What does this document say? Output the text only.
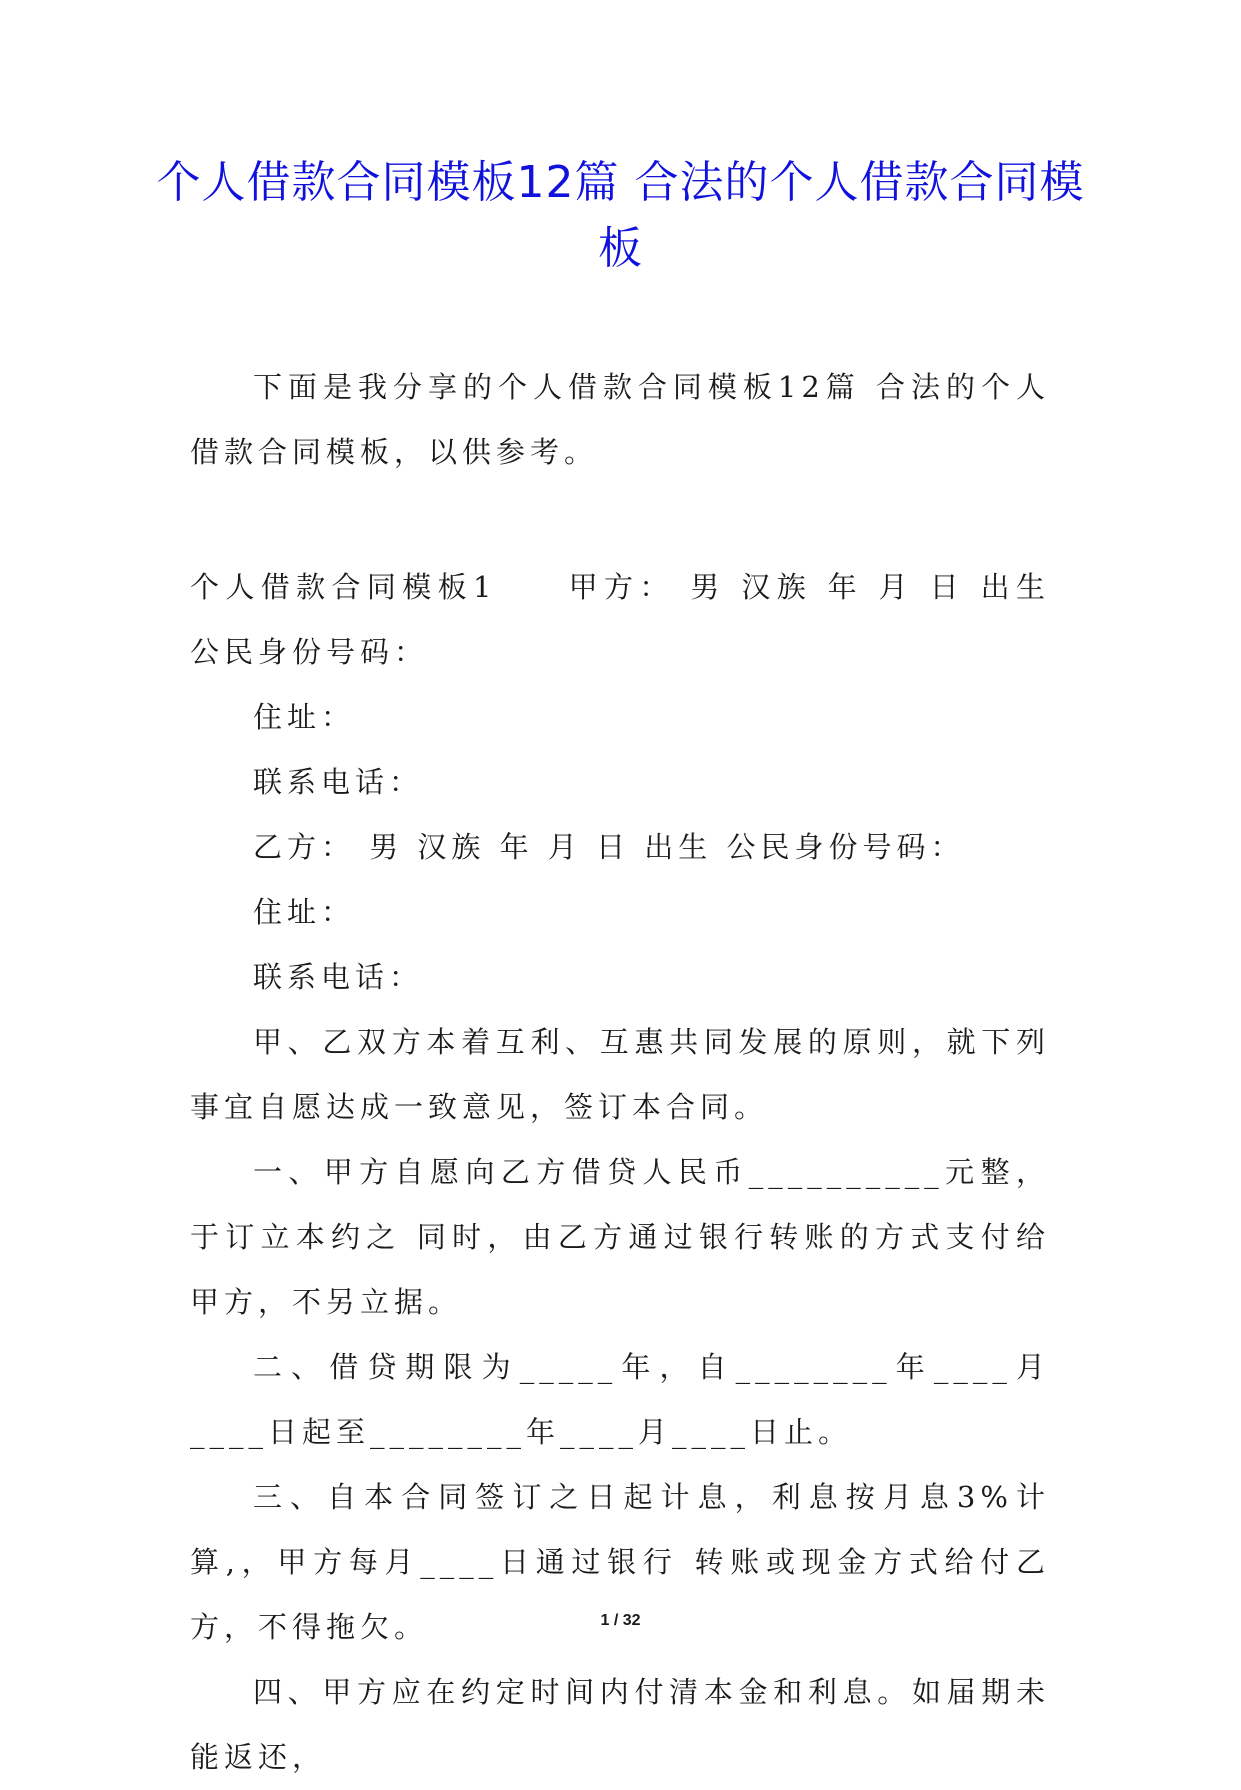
个人借款合同模板12篇 合法的个人借款合同模板

下面是我分享的个人借款合同模板12篇 合法的个人借款合同模板，以供参考。

个人借款合同模板1　　甲方： 男 汉族 年 月 日 出生 公民身份号码：

住址：

联系电话：

乙方： 男 汉族 年 月 日 出生 公民身份号码：

住址：

联系电话：

甲、乙双方本着互利、互惠共同发展的原则，就下列事宜自愿达成一致意见，签订本合同。

一、甲方自愿向乙方借贷人民币__________元整，于订立本约之 同时，由乙方通过银行转账的方式支付给甲方，不另立据。

二、借贷期限为_____年，自________年____月____日起至________年____月____日止。

三、自本合同签订之日起计息，利息按月息3%计算,，甲方每月____日通过银行 转账或现金方式给付乙方，不得拖欠。

四、甲方应在约定时间内付清本金和利息。如届期未能返还，

1 / 32
